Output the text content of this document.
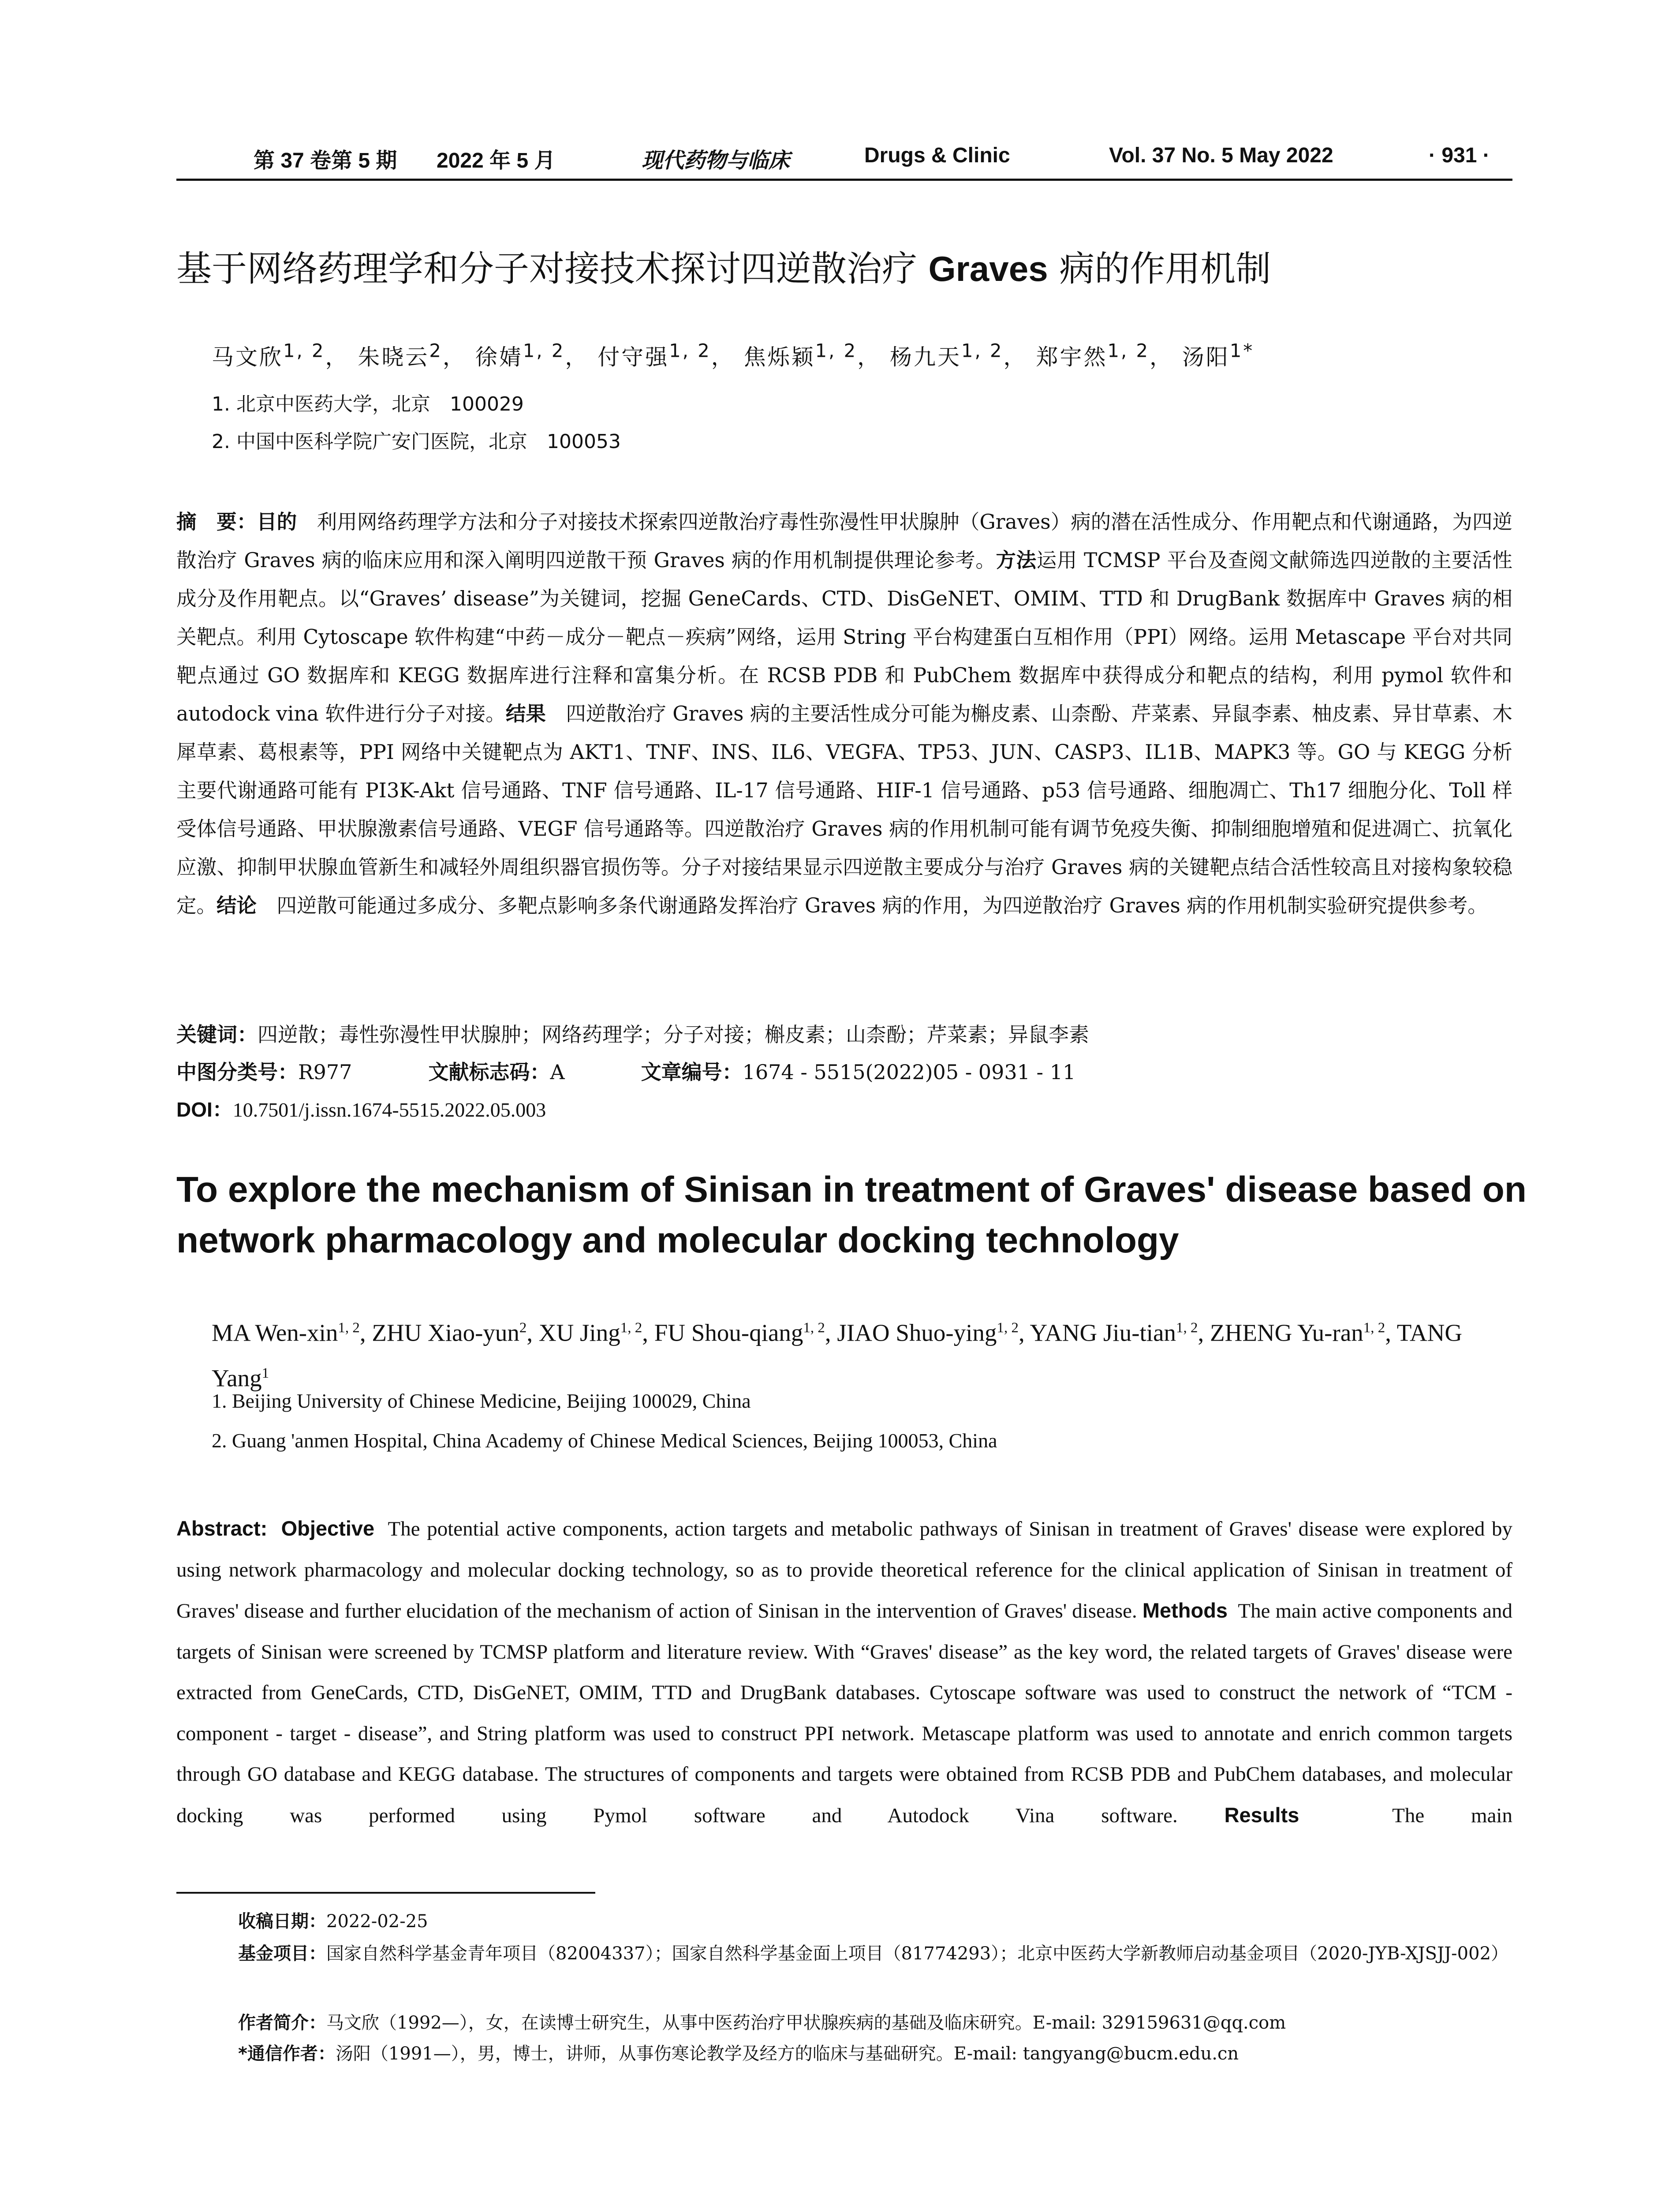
第 37 卷第 5 期 2022 年 5 月	现代药物与临床	Drugs & Clinic	Vol. 37 No. 5 May 2022	· 931 ·
基于网络药理学和分子对接技术探讨四逆散治疗 Graves 病的作用机制
马文欣$^{1, 2}$， 朱晓云$^2$， 徐婧$^{1, 2}$， 付守强$^{1, 2}$， 焦烁颖$^{1, 2}$， 杨九天$^{1, 2}$， 郑宇然$^{1, 2}$， 汤阳$^{1*}$
1. 北京中医药大学，北京　100029
2. 中国中医科学院广安门医院，北京　100053

摘　要：目的　 利用网络药理学方法和分子对接技术探索四逆散治疗毒性弥漫性甲状腺肿（Graves）病的潜在活性成分、作用靶点和代谢通路，为四逆散治疗 Graves 病的临床应用和深入阐明四逆散干预 Graves 病的作用机制提供理论参考。方法运用 TCMSP 平台及查阅文献筛选四逆散的主要活性成分及作用靶点。以“Graves’ disease”为关键词，挖掘 GeneCards、CTD、DisGeNET、OMIM、TTD 和 DrugBank 数据库中 Graves 病的相关靶点。利用 Cytoscape 软件构建“中药－成分－靶点－疾病”网络，运用 String 平台构建蛋白互相作用（PPI）网络。运用 Metascape 平台对共同靶点通过 GO 数据库和 KEGG 数据库进行注释和富集分析。在 RCSB PDB 和 PubChem 数据库中获得成分和靶点的结构，利用 pymol 软件和 autodock vina 软件进行分子对接。结果　 四逆散治疗 Graves 病的主要活性成分可能为槲皮素、山柰酚、芹菜素、异鼠李素、柚皮素、异甘草素、木犀草素、葛根素等，PPI 网络中关键靶点为 AKT1、TNF、INS、IL6、VEGFA、TP53、JUN、CASP3、IL1B、MAPK3 等。GO 与 KEGG 分析主要代谢通路可能有 PI3K-Akt 信号通路、TNF 信号通路、IL-17 信号通路、HIF-1 信号通路、p53 信号通路、细胞凋亡、Th17 细胞分化、Toll 样受体信号通路、甲状腺激素信号通路、VEGF 信号通路等。四逆散治疗 Graves 病的作用机制可能有调节免疫失衡、抑制细胞增殖和促进凋亡、抗氧化应激、抑制甲状腺血管新生和减轻外周组织器官损伤等。分子对接结果显示四逆散主要成分与治疗 Graves 病的关键靶点结合活性较高且对接构象较稳定。结论　 四逆散可能通过多成分、多靶点影响多条代谢通路发挥治疗 Graves 病的作用，为四逆散治疗 Graves 病的作用机制实验研究提供参考。

关键词：四逆散；毒性弥漫性甲状腺肿；网络药理学；分子对接；槲皮素；山柰酚；芹菜素；异鼠李素
中图分类号：R977	文献标志码：A	文章编号：1674 - 5515(2022)05 - 0931 - 11
DOI：10.7501/j.issn.1674-5515.2022.05.003
To explore the mechanism of Sinisan in treatment of Graves' disease based on
network pharmacology and molecular docking technology
MA Wen-xin$^{1, 2}$, ZHU Xiao-yun$^2$, XU Jing$^{1, 2}$, FU Shou-qiang$^{1, 2}$, JIAO Shuo-ying$^{1, 2}$, YANG Jiu-tian$^{1, 2}$, ZHENG Yu-ran$^{1, 2}$, TANG Yang$^1$
1. Beijing University of Chinese Medicine, Beijing 100029, China
2. Guang 'anmen Hospital, China Academy of Chinese Medical Sciences, Beijing 100053, China
Abstract: Objective The potential active components, action targets and metabolic pathways of Sinisan in treatment of Graves' disease were explored by using network pharmacology and molecular docking technology, so as to provide theoretical reference for the clinical application of Sinisan in treatment of Graves' disease and further elucidation of the mechanism of action of Sinisan in the intervention of Graves' disease. Methods The main active components and targets of Sinisan were screened by TCMSP platform and literature review. With “Graves' disease” as the key word, the related targets of Graves' disease were extracted from GeneCards, CTD, DisGeNET, OMIM, TTD and DrugBank databases. Cytoscape software was used to construct the network of “TCM - component - target - disease”, and String platform was used to construct PPI network. Metascape platform was used to annotate and enrich common targets through GO database and KEGG database. The structures of components and targets were obtained from RCSB PDB and PubChem databases, and molecular docking was performed using Pymol software and Autodock Vina software. Results	The main
收稿日期：2022-02-25
基金项目：国家自然科学基金青年项目（82004337）；国家自然科学基金面上项目（81774293）；北京中医药大学新教师启动基金项目（2020-JYB-XJSJJ-002）
作者简介：马文欣（1992—），女，在读博士研究生，从事中医药治疗甲状腺疾病的基础及临床研究。E-mail: 329159631@qq.com
*通信作者：汤阳（1991—），男，博士，讲师，从事伤寒论教学及经方的临床与基础研究。E-mail: tangyang@bucm.edu.cn
